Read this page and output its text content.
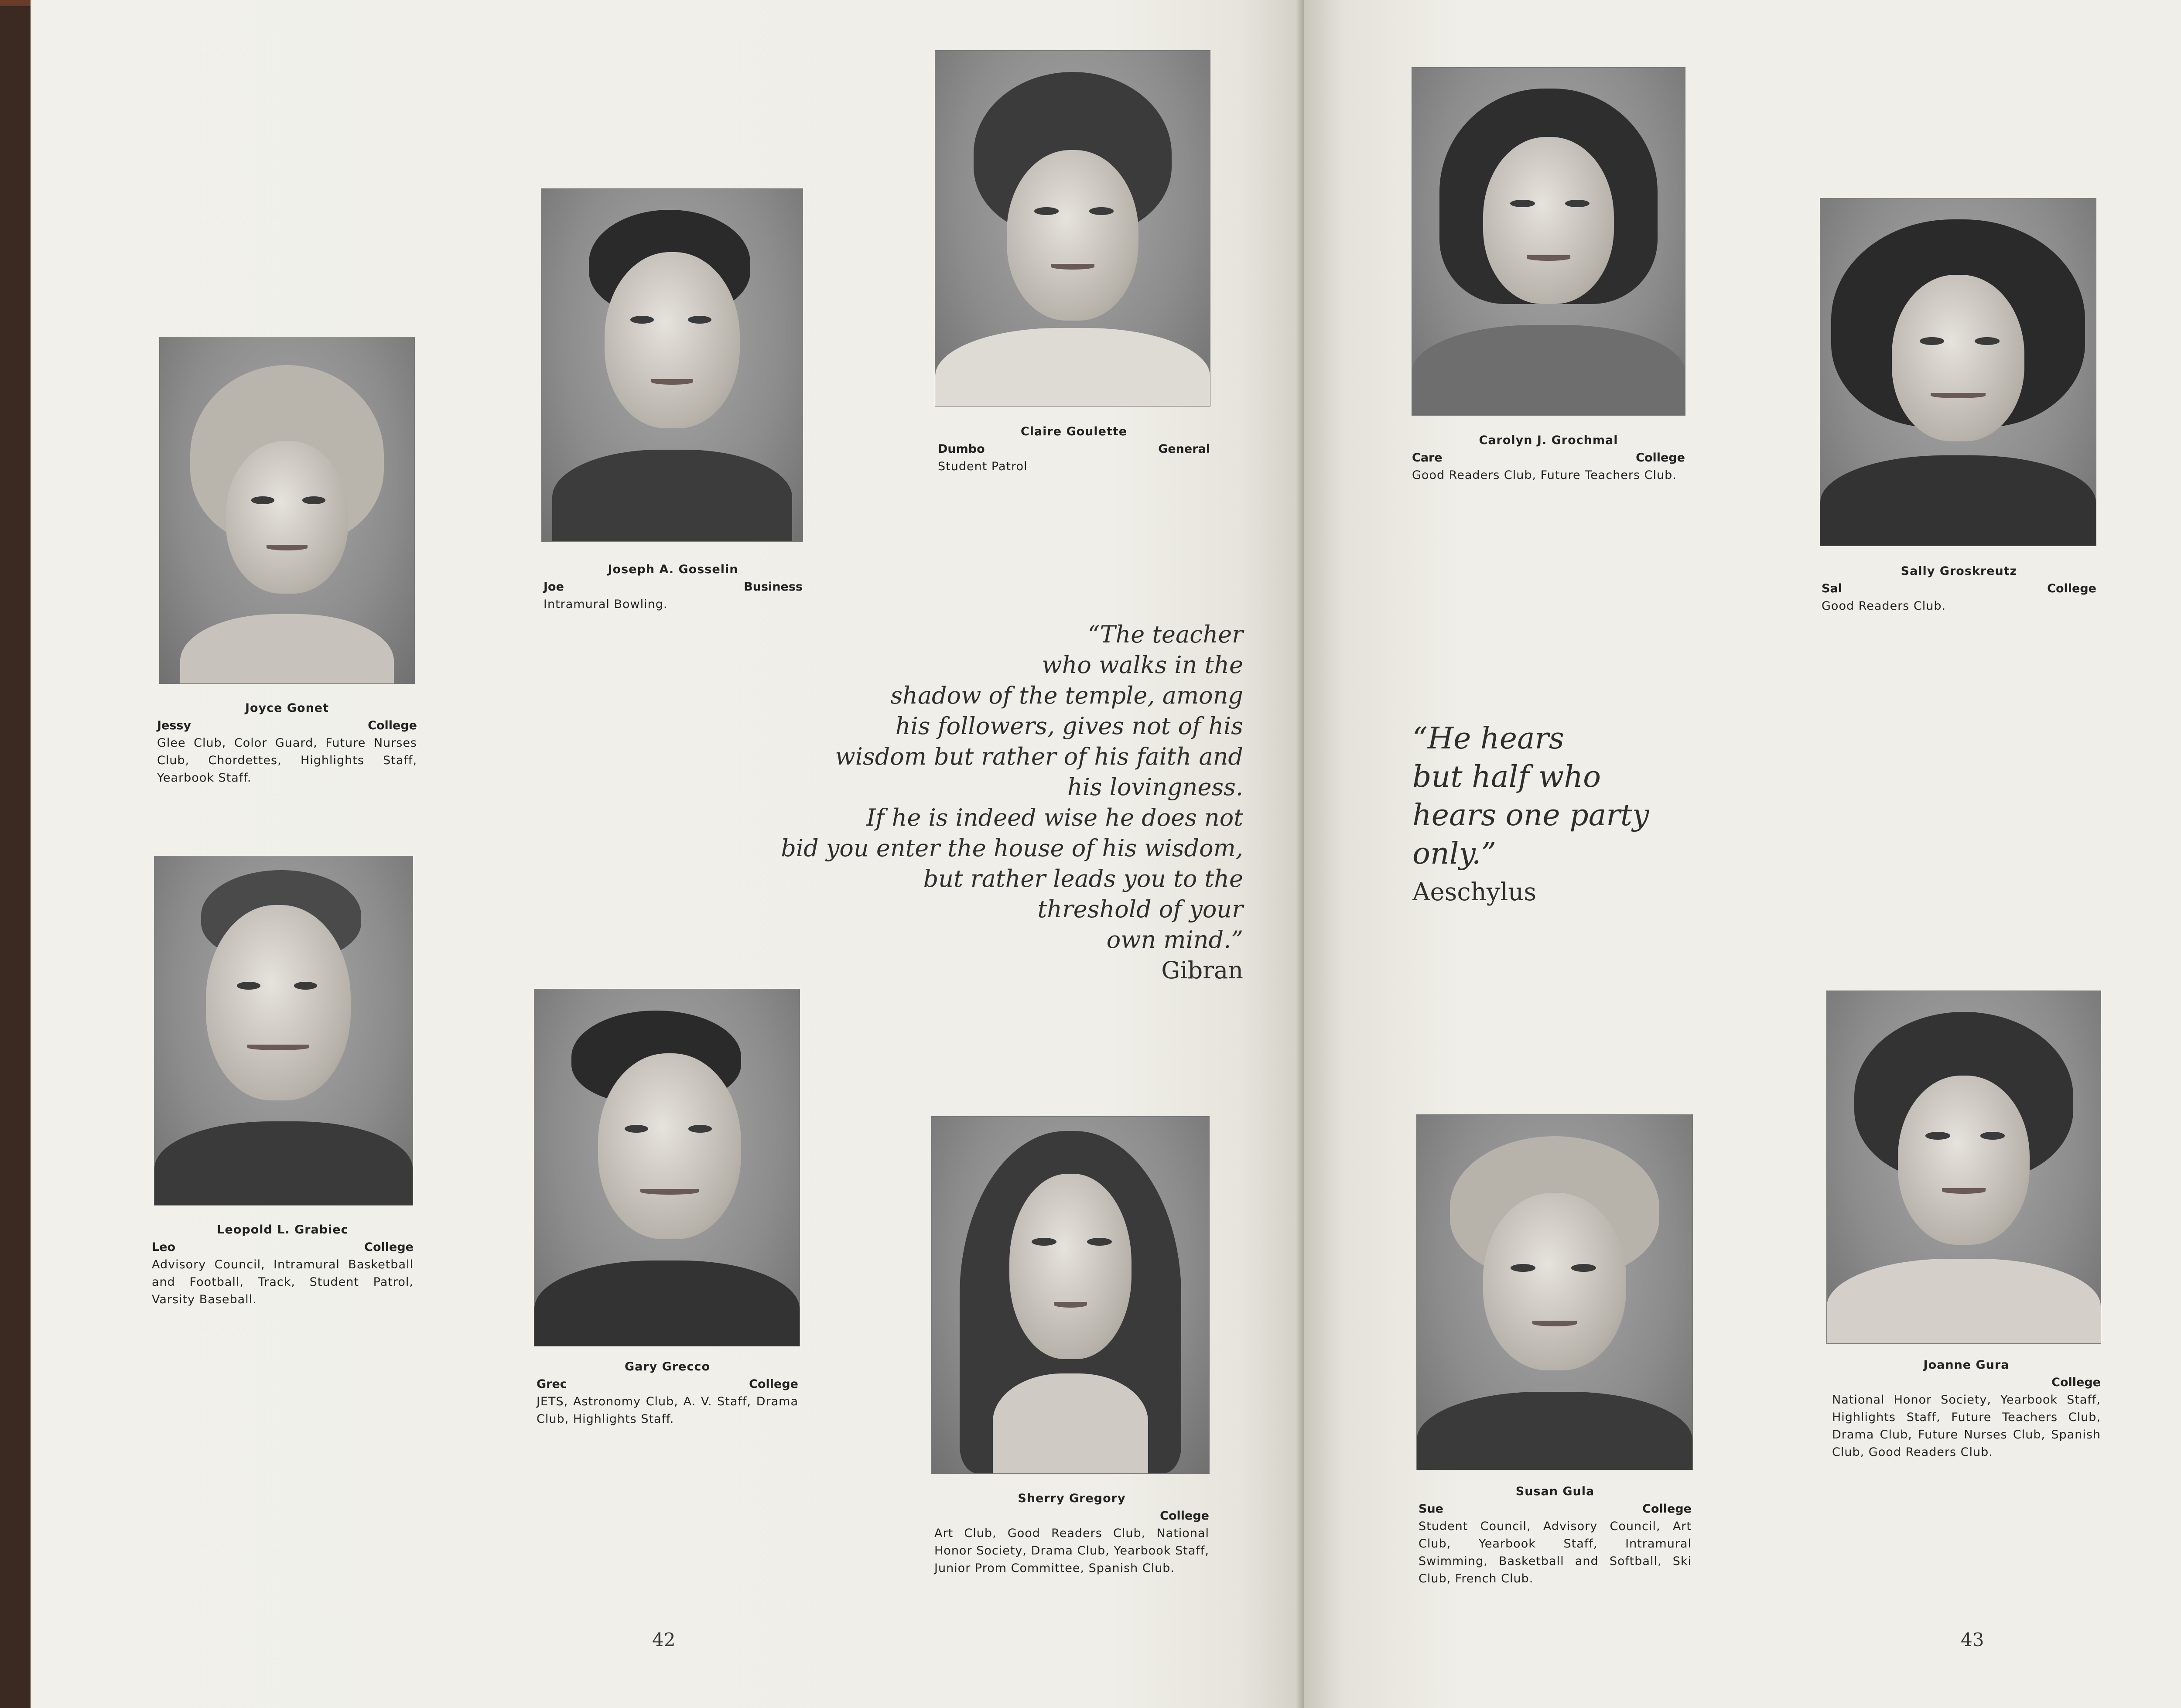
Joyce Gonet
Jessy	College
Glee Club, Color Guard, Future Nurses Club, Chordettes, Highlights Staff, Yearbook Staff.
Joseph A. Gosselin
Joe	Business
Intramural Bowling.
Claire Goulette
Dumbo	General
Student Patrol
Leopold L. Grabiec
Leo	College
Advisory Council, Intramural Basketball and Football, Track, Student Patrol, Varsity Baseball.
Gary Grecco
Grec	College
JETS, Astronomy Club, A. V. Staff, Drama Club, Highlights Staff.
Sherry Gregory
College
Art Club, Good Readers Club, National Honor Society, Drama Club, Yearbook Staff, Junior Prom Committee, Spanish Club.
“The teacher
who walks in the
shadow of the temple, among
his followers, gives not of his
wisdom but rather of his faith and
his lovingness.
If he is indeed wise he does not
bid you enter the house of his wisdom,
but rather leads you to the
threshold of your
own mind.”
Gibran
42
Carolyn J. Grochmal
Care	College
Good Readers Club, Future Teachers Club.
Sally Groskreutz
Sal	College
Good Readers Club.
Susan Gula
Sue	College
Student Council, Advisory Council, Art Club, Yearbook Staff, Intramural Swimming, Basketball and Softball, Ski Club, French Club.
Joanne Gura
College
National Honor Society, Yearbook Staff, Highlights Staff, Future Teachers Club, Drama Club, Future Nurses Club, Spanish Club, Good Readers Club.
“He hears
but half who
hears one party
only.”
Aeschylus
43
